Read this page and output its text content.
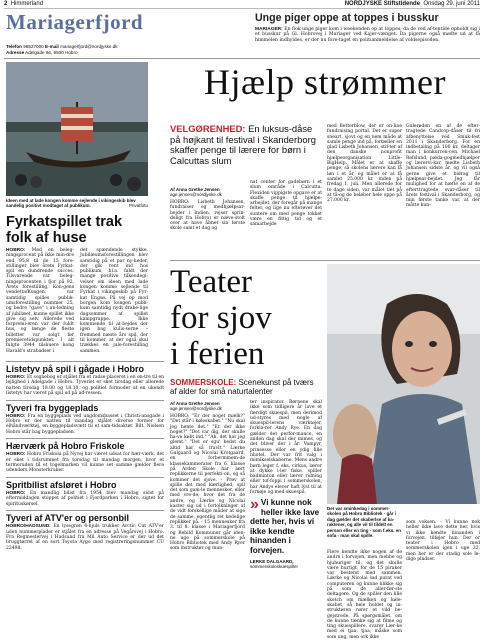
2 Himmerland	NORDJYSKE Stiftstidende Onsdag 29. juni 2011
Mariagerfjord
Telefon 98527000 E-mail mariagerfjord@nordjyske.dk
Adresse Adelgade 66, 9500 Hobro
Unge piger oppe at toppes i busskur
MARIAGER: En flok unge piger kom i weekenden op at toppes, da de ved af-tentide opholdt sig i et busskur på Gl. Hobrovej i Mariager ved Kajer-vænget. Da pigerne også mødte ud at få himmelen indhyldes, er der nu fore-taget en politianmeldelse af voldsepisoden.
Ideen med at lade kongen komme sejlende i vikingeskib blev sandelig positivt modtaget af publikum.	Privatfoto
Fyrkatspillet trak folk af huse
HOBRO: Med en beleg-ningsprocent på ikke min-dre end 95,8 til de 15 fore-stillinger blev årets Fyrkat-spil en dundrende succes. Tilsvarende var beleg-ningsprocenten i fjor på 92. Årets forestilling, Kon-gens vendetta/Kongen, var samtidig spilles publik-umsforestilling nummer 25, og bedre "gave" i an-ledning af jubilæet, kunne spillet ikke give sig selv. Allerede ved forpremi-eren var der fuldt hus, og længe de fleste billetter var solgt før premieretidspunktet. I alt fulgte 3944 tilskuere kong Harald's strabadser i
det spændende stykke. Jubilæumsforestillingen blev samtidig på et par ny-heder, der gik rent ind hos publikum, bl.a. faldt der mange positive tilkendegi-velser om ideen med lade kongen komme sejlende til Fyrkat i vikingeskib på Fyr-kat Engsø. På vej op mod borgen kom kongen publi-kum samtidig nydt drabe-lige dagsommer af spillet kampgruppe. Ikke kommende til at-bejdes der igen bag kulis-serne – fremmed næste års spil, der til kommer, at der også skal trækkes en jule-forestilling sammen.
Listetyv på spil i gågade i Hobro
HOBRO: Et sognebog er stjålet fra et radse placeret i en en-tre til en lejlighed i Adelgade i Hobro. Tyveriet er sket tirsdag eller allerede natten tirsdag 18.00 og 18.10, og politiet formoder at en ukendt listetyv har været på spil ud på ad-ressen.
Tyveri fra byggeplads
HOBRO: Fra en byggeplads ved ungdomsbasset i Christi-ansgade i Hobro er der natten til mandag stjålet diverse former for elhåndværktøj, en byggepladsvætt til et sam-tidsaktør. Bilt. Nielsen Hobro står bag byggepladsen.
Hærværk på Hobro Friskole
HOBRO: Hobro Friskola på Nyvej har været udsat for hær-værk, det er sket i tidsrummet fra torsdag til mandag morgen, hvor et termoruden til et togelmarken vil kunne set samme gælder flere udendørs Monsterkruker.
Spritbilist afsløret i Hobro
HOBRO: En mandlig bilist fra 1954 blev mandag sidst på eftermiddagen stoppet af politiet i Fjordparken i Hobro, sigtet for spirituskørsel.
Tyveri af ATV'er og personbil
HOBRO/HADSUND: En lysegrøn 4-hjuls trukker Arctic Cat ATV'er uden nummerplader er stjålet fra en adresse på Vegårsvej i Hobro. Fra Regmestervej i Hadsund fra Mil Auto Service er der ud det bruggtørret af en sort Toyota Aygo med registreringsnummer CU 22498.
Hjælp strømmer
VELGØRENHED: En luksus-dåse på højkant til festival i Skanderborg skaffer penge til lærere for børn i Calcuttas slum
Af Anna Grethe Jensen
age.jensen@nordjyske.dk
HOBRO: Lisbeth Johansen, fundraiser og medhjælpsar-bejder i Indien, rejser sprin-deligt fra Hobro) er næve-stolt over at have åbnet sin første skole samt et dag og
nat center for gadebørn i et slum område i Calcutta. Flexiden vippigste opgave er at skaffe penge til hjælpe-arbejdet, der foregår på mange felter, og lige nu efterøver det suntere om med penge tokket være en fittig tid og et samarbejde
med Betterblow, der er on-line fundraising portal. Det er super sneart, sjovt og en nem måde at samle penge ind på, fortæller en glad Lisbeth Johansen, stif-ter af den danske nonprofit hjælpeorganisation Little-BigHelp. Målet er at skaffe penge, så skolens lærere kan få løn i et år, og målet er at få samlet 25.000 kr. inden på fredag 1. juli. Men allerede for to dage siden, var målet tæt på at tå-og de beløber hele oppe på 27.000 kr.
Gulerøden en af de efter-tragtede Candcop-dåser til fri afbenyttelse ved Smuk-fest 2011 i Skanderborg. For en indbetaling på 100 kr. deltager man i konkurren-cen. Michael Refslund, pæda-gogmedhjælper og lærervi-kar, mødte Lisbeth Johansen sidste år, og vil også gerne give et bidrag til hjælpear-bejdet. Jeg får mulighed for at hæfte en af de efterttragtede svar-dåser til årets festival i Skanderborg, og min første tanke var, at der måtte kun-
Teater
for sjov
i ferien
SOMMERSKOLE: Scenekunst på tværs af alder for små naturtalenter
Af Anna Grethe Jensen
age.jensen@nordjyske.dk
HOBRO: "Er der noget mælk?" "Det står i køleskabet." "Nu skal jeg hente det." "Er der ikke noget?" "Det var dig, der skulle ha-ve købt ind." "Ah, det har jeg glemt." "Det er sgu' bedst du altid har så travlt." Lærke Gulgaard og Nicolai Krotgaard, en forbermmem-de klassekammerater fra 6. klasse på Arden Skole har lært replikkerne til perfekti-on, og så kommer det sjove. - Prøv at spille det med kærlighed, spil det som gam-le mennesker, eller med vre-de, hvor det fra de andre, og Lærke og Nicolai kaster sig ud i fortolkninger af de vidt forskellige måder at sige de samme, egentlig ret kedelige replikker på. - 15 mennesker fra 3. til 8. klasse i Mariagerfjord og Rebild Kommuner går iden-ne uge på sommerskole på Hobro Bibliotek med Andy Ryer som instruktør og mun-
ter inspirator. Børnene skal ikke som tidligere år lave et færdigt skuespil, men derimod ud-styres med nogle af skuespil-lerens værktøjer, forkla-rer Andy Rye. En dag gælder det perfor-mance, en anden dag skal der mimes, og det bliver der i år. Vampyr, prinsesse eller en ydig lille hhotel. Der var frit valg i mimikselskaberne. Mens andre børn leger f. eks. cirkus, lærer at dykke i-ler fiske, spiller badminton eller lærer ridning eller tof-foppi i sommerskolen, har Andys elever haft lyst til at fornøje og med skuespil.
» Vi kunne nok heller ikke lave dette her, hvis vi ikke kendte hinanden i forvejen.
LERKE DALGAARD,
sommerskoleskuespiller
Det var sminkedag i sommer-skolen på Hobro Bibliotek - går i dag gælder det skaberlse af ka-raktener, og alle vil til tildelt en person eller en ting - som f.eks. en sofa - man skal spille.
Flere kendte ikke nogen af de andre i forvejen, men mebbe og hjuhuriger til, og det skulle være hurtigt, for de 15 piraker var bestemt med sammen. Lærke og Nicolai sad purat ved computeren og kunne klikke sig på som de aller-før-ste deltagere. Og de spiller den lille sketch om mælken og køle-skabet, så hele holdet og in-struktøren rører et vild be-gejstrede. På spørgsmålet, om de kunne tænke sig at filme og ting skuespillere, svarer Lær-ke med ei tjaa, tjaa, måske som som ung, men ork ikke
som voksen. - Vi kunne nok heller ikke lave dette her, hvis vi ikke kendte hinanden i forvejen, tilføjer hun. Der er teater i Hobro med sommerskolen igen i uge 32, men her er der stadig sole le-dige pladser.
